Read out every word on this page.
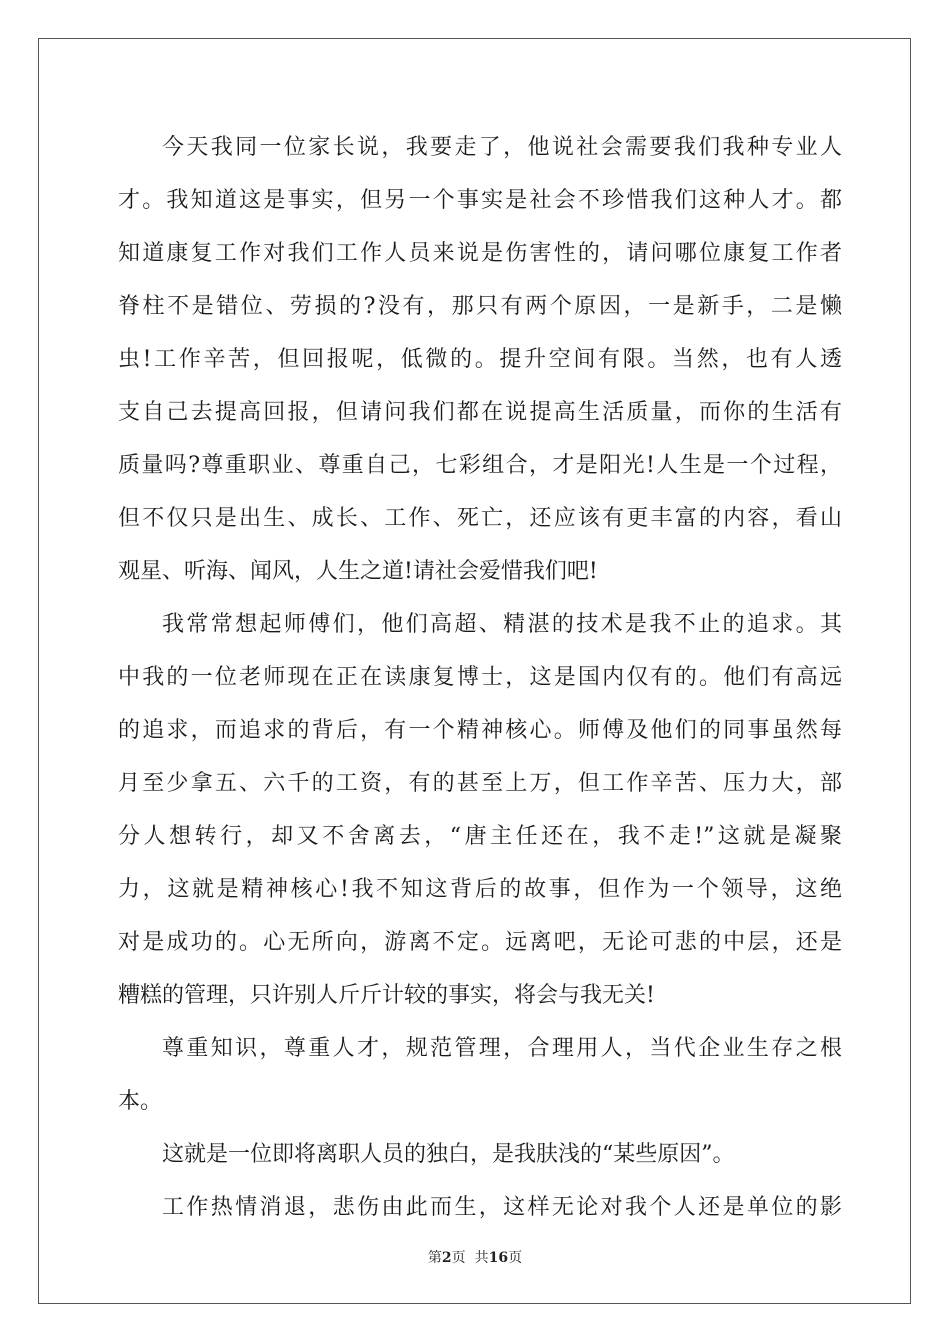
今天我同一位家长说，我要走了，他说社会需要我们我种专业人
才。我知道这是事实，但另一个事实是社会不珍惜我们这种人才。都
知道康复工作对我们工作人员来说是伤害性的，请问哪位康复工作者
脊柱不是错位、劳损的?没有，那只有两个原因，一是新手，二是懒
虫!工作辛苦，但回报呢，低微的。提升空间有限。当然，也有人透
支自己去提高回报，但请问我们都在说提高生活质量，而你的生活有
质量吗?尊重职业、尊重自己，七彩组合，才是阳光!人生是一个过程，
但不仅只是出生、成长、工作、死亡，还应该有更丰富的内容，看山
观星、听海、闻风，人生之道!请社会爱惜我们吧!
我常常想起师傅们，他们高超、精湛的技术是我不止的追求。其
中我的一位老师现在正在读康复博士，这是国内仅有的。他们有高远
的追求，而追求的背后，有一个精神核心。师傅及他们的同事虽然每
月至少拿五、六千的工资，有的甚至上万，但工作辛苦、压力大，部
分人想转行，却又不舍离去，“唐主任还在，我不走!”这就是凝聚
力，这就是精神核心!我不知这背后的故事，但作为一个领导，这绝
对是成功的。心无所向，游离不定。远离吧，无论可悲的中层，还是
糟糕的管理，只许别人斤斤计较的事实，将会与我无关!
尊重知识，尊重人才，规范管理，合理用人，当代企业生存之根
本。
这就是一位即将离职人员的独白，是我肤浅的“某些原因”。
工作热情消退，悲伤由此而生，这样无论对我个人还是单位的影
第2页  共16页
